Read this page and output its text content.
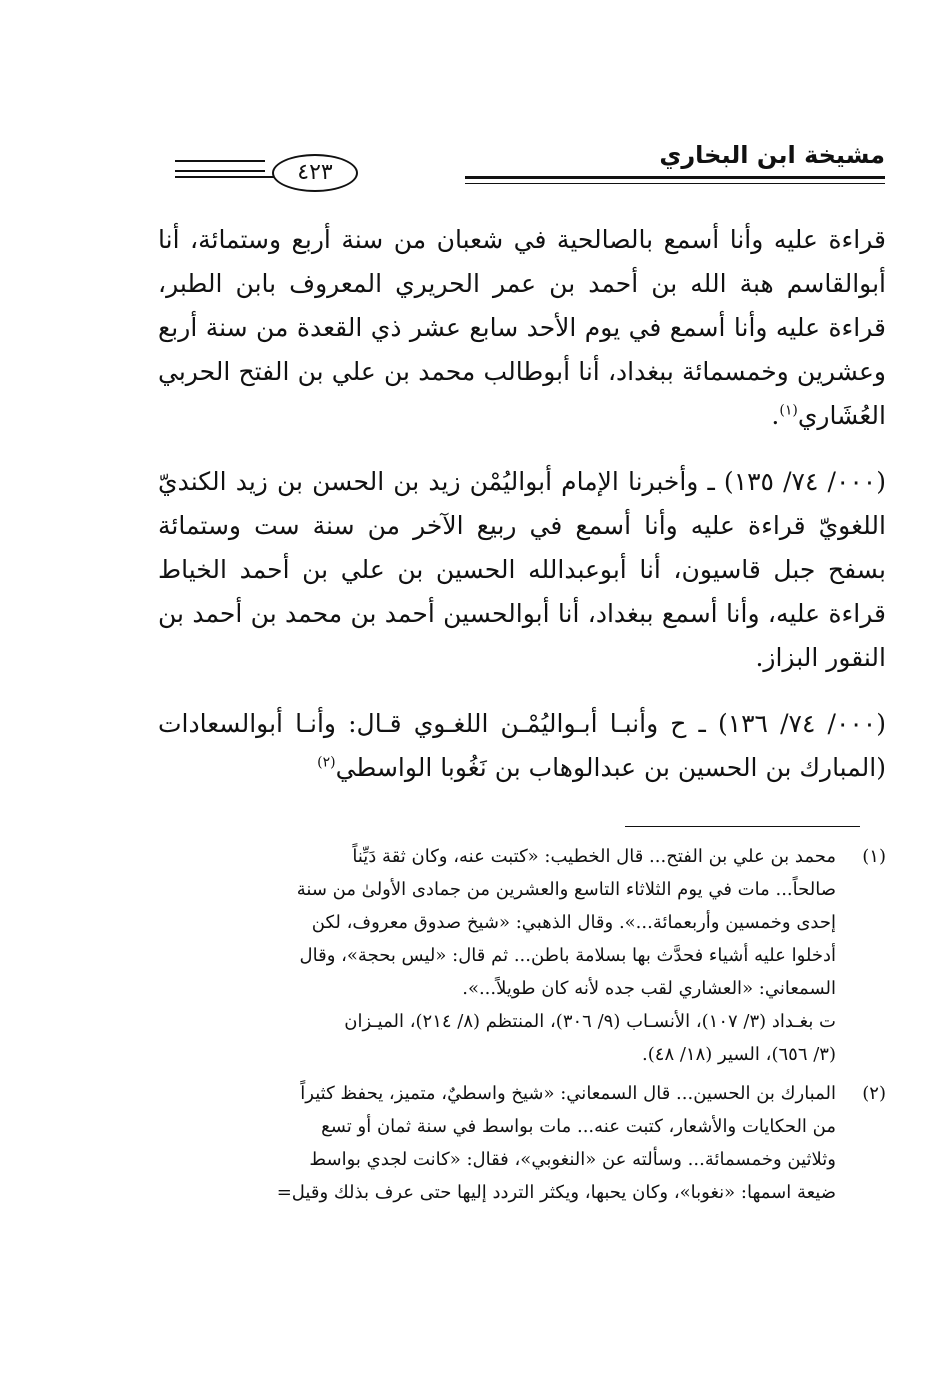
مشيخة ابن البخاري
٤٢٣

قراءة عليه وأنا أسمع بالصالحية في شعبان من سنة أربع وستمائة، أنا أبوالقاسم هبة الله بن أحمد بن عمر الحريري المعروف بابن الطبر، قراءة عليه وأنا أسمع في يوم الأحد سابع عشر ذي القعدة من سنة أربع وعشرين وخمسمائة ببغداد، أنا أبوطالب محمد بن علي بن الفتح الحربي العُشَاري$^{(١)}$.

(٠٠٠/ ٧٤/ ١٣٥) ـ وأخبرنا الإمام أبواليُمْن زيد بن الحسن بن زيد الكنديّ اللغويّ قراءة عليه وأنا أسمع في ربيع الآخر من سنة ست وستمائة بسفح جبل قاسيون، أنا أبوعبدالله الحسين بن علي بن أحمد الخياط قراءة عليه، وأنا أسمع ببغداد، أنا أبوالحسين أحمد بن محمد بن أحمد بن النقور البزاز.

(٠٠٠/ ٧٤/ ١٣٦) ـ ح وأنبـا أبـواليُمْـن اللغـوي قـال: وأنـا أبوالسعادات (المبارك بن الحسين بن عبدالوهاب بن نَغُوبا الواسطي$^{(٢)}$

(١)
محمد بن علي بن الفتح... قال الخطيب: «كتبت عنه، وكان ثقة دَيِّناً
صالحاً... مات في يوم الثلاثاء التاسع والعشرين من جمادى الأولىٰ من سنة
إحدى وخمسين وأربعمائة...». وقال الذهبي: «شيخ صدوق معروف، لكن
أدخلوا عليه أشياء فحدَّث بها بسلامة باطن... ثم قال: «ليس بحجة»، وقال
السمعاني: «العشاري لقب جده لأنه كان طويلاً...».
ت بغـداد (٣/ ١٠٧)، الأنسـاب (٩/ ٣٠٦)، المنتظم (٨/ ٢١٤)، الميـزان
(٣/ ٦٥٦)، السير (١٨/ ٤٨).
(٢)
المبارك بن الحسين... قال السمعاني: «شيخ واسطيٌ، متميز، يحفظ كثيراً
من الحكايات والأشعار، كتبت عنه... مات بواسط في سنة ثمان أو تسع
وثلاثين وخمسمائة... وسألته عن «النغوبي»، فقال: «كانت لجدي بواسط
ضيعة اسمها: «نغوبا»، وكان يحبها، ويكثر التردد إليها حتى عرف بذلك وقيل=
